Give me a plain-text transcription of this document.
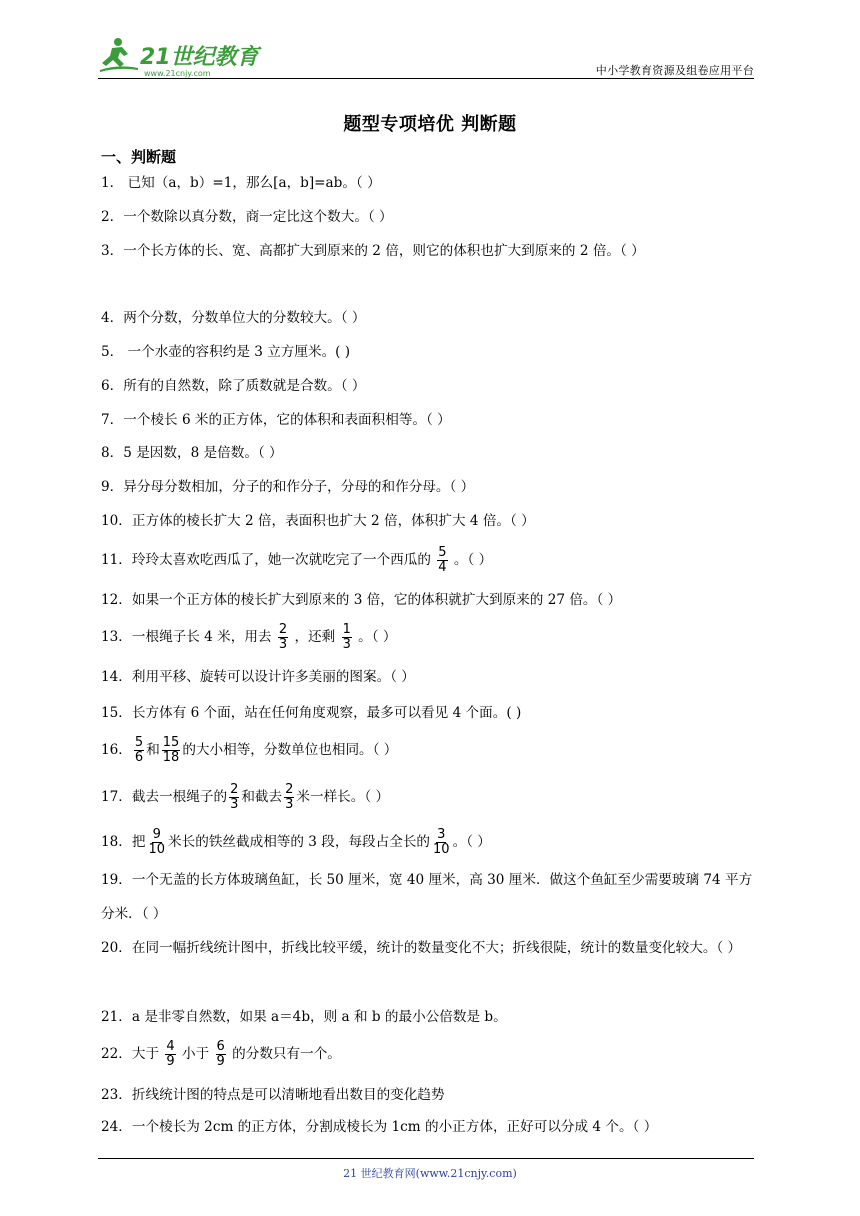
21世纪教育
www.21cnjy.com	中小学教育资源及组卷应用平台
题型专项培优 判断题
一、判断题
1． 已知（a，b）=1，那么[a，b]=ab。（ ）
2．一个数除以真分数，商一定比这个数大。（ ）
3．一个长方体的长、宽、高都扩大到原来的 2 倍，则它的体积也扩大到原来的 2 倍。（ ）
4．两个分数，分数单位大的分数较大。（ ）
5． 一个水壶的容积约是 3 立方厘米。( )
6．所有的自然数，除了质数就是合数。（ ）
7．一个棱长 6 米的正方体，它的体积和表面积相等。（ ）
8．5 是因数，8 是倍数。（ ）
9．异分母分数相加，分子的和作分子，分母的和作分母。（ ）
10．正方体的棱长扩大 2 倍，表面积也扩大 2 倍，体积扩大 4 倍。（ ）
11．玲玲太喜欢吃西瓜了，她一次就吃完了一个西瓜的 $\frac{5}{4}$ 。（ ）
12．如果一个正方体的棱长扩大到原来的 3 倍，它的体积就扩大到原来的 27 倍。（ ）
13．一根绳子长 4 米，用去 $\frac{2}{3}$ ，还剩 $\frac{1}{3}$ 。（ ）
14．利用平移、旋转可以设计许多美丽的图案。（ ）
15．长方体有 6 个面，站在任何角度观察，最多可以看见 4 个面。( )
16． $\frac{5}{6}$ 和 $\frac{15}{18}$ 的大小相等，分数单位也相同。（ ）
17．截去一根绳子的 $\frac{2}{3}$ 和截去 $\frac{2}{3}$ 米一样长。（ ）
18．把 $\frac{9}{10}$ 米长的铁丝截成相等的 3 段，每段占全长的 $\frac{3}{10}$ 。（ ）
19．一个无盖的长方体玻璃鱼缸，长 50 厘米，宽 40 厘米，高 30 厘米．做这个鱼缸至少需要玻璃 74 平方分米．（ ）
20．在同一幅折线统计图中，折线比较平缓，统计的数量变化不大；折线很陡，统计的数量变化较大。（ ）
21．a 是非零自然数，如果 a＝4b，则 a 和 b 的最小公倍数是 b。
22．大于 $\frac{4}{9}$ 小于 $\frac{6}{9}$ 的分数只有一个。
23．折线统计图的特点是可以清晰地看出数目的变化趋势
24．一个棱长为 2cm 的正方体，分割成棱长为 1cm 的小正方体，正好可以分成 4 个。（ ）
21 世纪教育网(www.21cnjy.com)
